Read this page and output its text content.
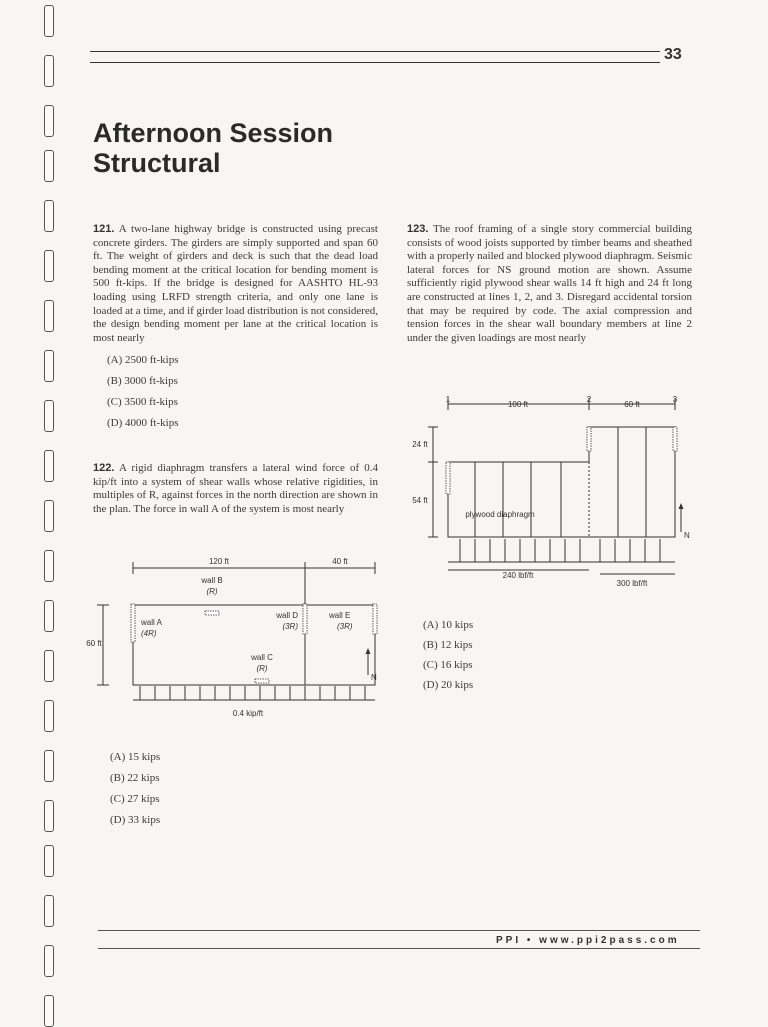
33
Afternoon Session
Structural

121. A two-lane highway bridge is constructed using precast concrete girders. The girders are simply supported and span 60 ft. The weight of girders and deck is such that the dead load bending moment at the critical location for bending moment is 500 ft-kips. If the bridge is designed for AASHTO HL-93 loading using LRFD strength criteria, and only one lane is loaded at a time, and if girder load distribution is not considered, the design bending moment per lane at the critical location is most nearly

(A) 2500 ft-kips
(B) 3000 ft-kips
(C) 3500 ft-kips
(D) 4000 ft-kips

122. A rigid diaphragm transfers a lateral wind force of 0.4 kip/ft into a system of shear walls whose relative rigidities, in multiples of R, against forces in the north direction are shown in the plan. The force in wall A of the system is most nearly

120 ft	40 ft
60 ft
wall B
(R)
wall A
(4R)
wall D
(3R)
wall E
(3R)
wall C
(R)
N
0.4 kip/ft
(A) 15 kips
(B) 22 kips
(C) 27 kips
(D) 33 kips

123. The roof framing of a single story commercial building consists of wood joists supported by timber beams and sheathed with a properly nailed and blocked plywood diaphragm. Seismic lateral forces for NS ground motion are shown. Assume sufficiently rigid plywood shear walls 14 ft high and 24 ft long are constructed at lines 1, 2, and 3. Disregard accidental torsion that may be required by code. The axial compression and tension forces in the shear wall boundary members at line 2 under the given loadings are most nearly

1	2	3
100 ft	60 ft
24 ft
54 ft
plywood diaphragm
N
240 lbf/ft
300 lbf/ft
(A) 10 kips
(B) 12 kips
(C) 16 kips
(D) 20 kips
PPI • www.ppi2pass.com
